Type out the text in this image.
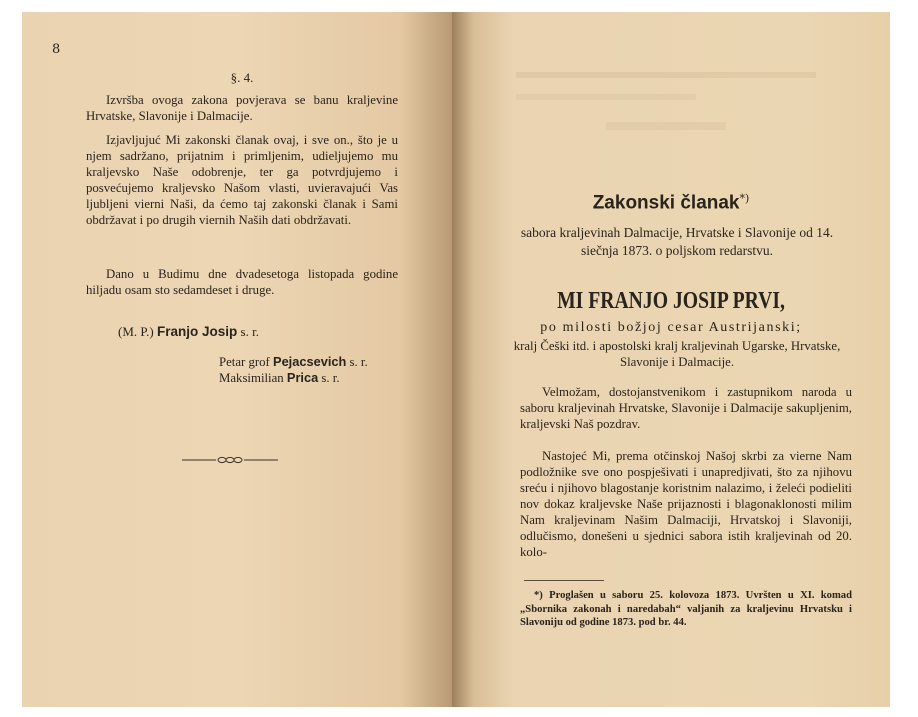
8
§. 4.

Izvršba ovoga zakona povjerava se banu kraljevine Hrvatske, Slavonije i Dalmacije.

Izjavljujuć Mi zakonski članak ovaj, i sve on., što je u njem sadržano, prijatnim i primljenim, udieljujemo mu kraljevsko Naše odobrenje, ter ga potvrdjujemo i posvećujemo kraljevsko Našom vlasti, uvieravajući Vas ljubljeni vierni Naši, da ćemo taj zakonski članak i Sami obdržavat i po drugih viernih Naših dati obdržavati.

Dano u Budimu dne dvadesetoga listopada godine hiljadu osam sto sedamdeset i druge.

(M. P.) Franjo Josip s. r.
Petar grof Pejacsevich s. r.
Maksimilian Prica s. r.
Zakonski članak*)

sabora kraljevinah Dalmacije, Hrvatske i Slavonije od 14. siečnja 1873. o poljskom redarstvu.

MI FRANJO JOSIP PRVI,
po milosti božjoj cesar Austrijanski;

kralj Češki itd. i apostolski kralj kraljevinah Ugarske, Hrvatske, Slavonije i Dalmacije.

Velmožam, dostojanstvenikom i zastupnikom naroda u saboru kraljevinah Hrvatske, Slavonije i Dalmacije sakupljenim, kraljevski Naš pozdrav.

Nastojeć Mi, prema otčinskoj Našoj skrbi za vierne Nam podložnike sve ono pospješivati i unapredjivati, što za njihovu sreću i njihovo blagostanje koristnim nalazimo, i želeći podieliti nov dokaz kraljevske Naše prijaznosti i blagonaklonosti milim Nam kraljevinam Našim Dalmaciji, Hrvatskoj i Slavoniji, odlučismo, donešeni u sjednici sabora istih kraljevinah od 20. kolo-

*) Proglašen u saboru 25. kolovoza 1873. Uvršten u XI. komad „Sbornika zakonah i naredabah“ valjanih za kraljevinu Hrvatsku i Slavoniju od godine 1873. pod br. 44.
